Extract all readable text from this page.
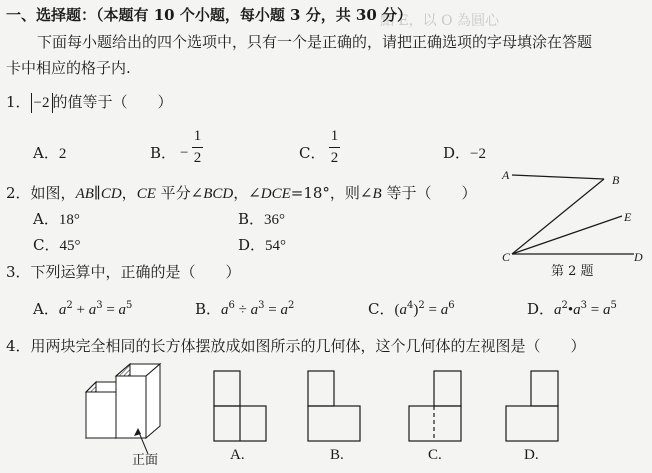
點 E，以 O 為圓心
一、选择题：（本题有 10 个小题，每小题 3 分，共 30 分）
下面每小题给出的四个选项中，只有一个是正确的，请把正确选项的字母填涂在答题
卡中相应的格子内.
1． −2 的值等于（　　）
A．2	B． −
1
2	C．
1
2	D．−2
2．如图，AB∥CD，CE 平分∠BCD，∠DCE=18°，则∠B 等于（　　）
A．18°	B．36°
C．45°	D．54°
A	B
E
C	D
第 2 题
3．下列运算中，正确的是（　　）
A．$a^2 + a^3 = a^5$	B．$a^6 \div a^3 = a^2$	C．$(a^4)^2 = a^6$	D．$a^2•a^3 = a^5$
4．用两块完全相同的长方体摆放成如图所示的几何体，这个几何体的左视图是（　　）
正面	A.	B.	C.	D.
